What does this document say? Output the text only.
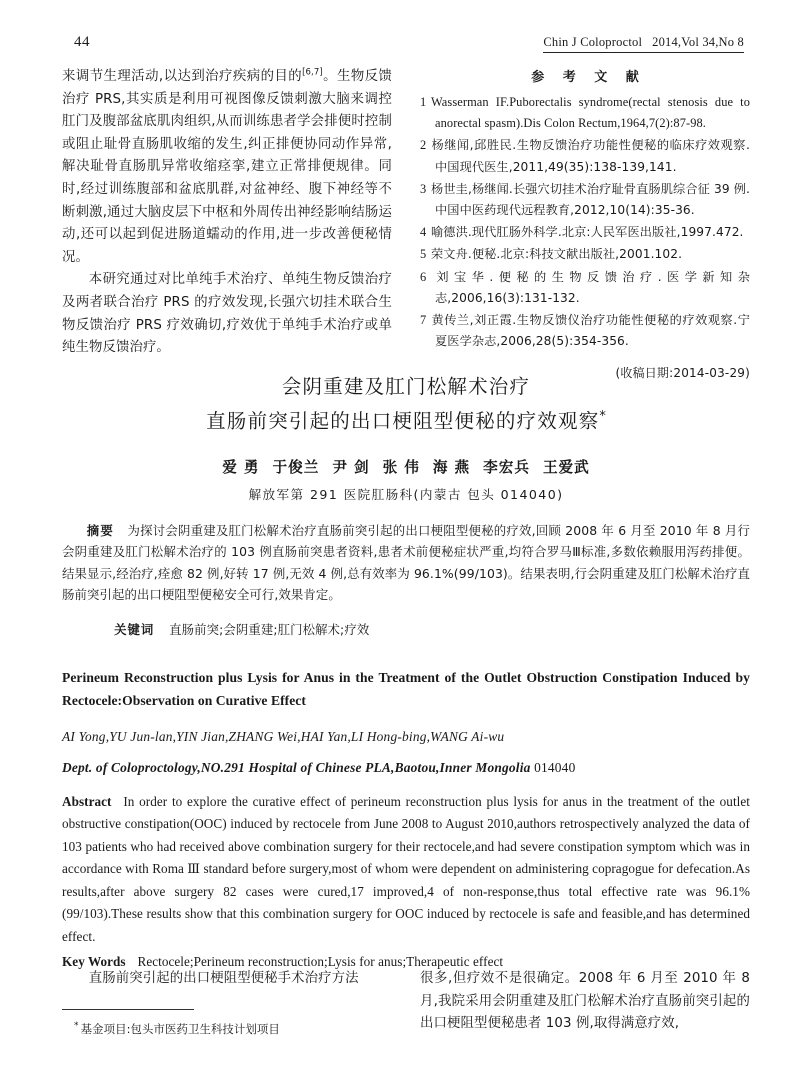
44	Chin J Coloproctol 2014,Vol 34,No 8

来调节生理活动,以达到治疗疾病的目的[6,7]。生物反馈治疗 PRS,其实质是利用可视图像反馈刺激大脑来调控肛门及腹部盆底肌肉组织,从而训练患者学会排便时控制或阻止耻骨直肠肌收缩的发生,纠正排便协同动作异常,解决耻骨直肠肌异常收缩痉挛,建立正常排便规律。同时,经过训练腹部和盆底肌群,对盆神经、腹下神经等不断刺激,通过大脑皮层下中枢和外周传出神经影响结肠运动,还可以起到促进肠道蠕动的作用,进一步改善便秘情况。

本研究通过对比单纯手术治疗、单纯生物反馈治疗及两者联合治疗 PRS 的疗效发现,长强穴切挂术联合生物反馈治疗 PRS 疗效确切,疗效优于单纯手术治疗或单纯生物反馈治疗。

参 考 文 献
1 Wasserman IF.Puborectalis syndrome(rectal stenosis due to anorectal spasm).Dis Colon Rectum,1964,7(2):87-98.
2 杨继闻,邱胜民.生物反馈治疗功能性便秘的临床疗效观察.中国现代医生,2011,49(35):138-139,141.
3 杨世圭,杨继闻.长强穴切挂术治疗耻骨直肠肌综合征 39 例.中国中医药现代远程教育,2012,10(14):35-36.
4 喻德洪.现代肛肠外科学.北京:人民军医出版社,1997.472.
5 荣文舟.便秘.北京:科技文献出版社,2001.102.
6 刘宝华.便秘的生物反馈治疗.医学新知杂志,2006,16(3):131-132.
7 黄传兰,刘正霞.生物反馈仪治疗功能性便秘的疗效观察.宁夏医学杂志,2006,28(5):354-356.
(收稿日期:2014-03-29)
会阴重建及肛门松解术治疗
直肠前突引起的出口梗阻型便秘的疗效观察*
爱 勇 于俊兰 尹 剑 张 伟 海 燕 李宏兵 王爱武
解放军第 291 医院肛肠科(内蒙古 包头 014040)
摘要 为探讨会阴重建及肛门松解术治疗直肠前突引起的出口梗阻型便秘的疗效,回顾 2008 年 6 月至 2010 年 8 月行会阴重建及肛门松解术治疗的 103 例直肠前突患者资料,患者术前便秘症状严重,均符合罗马Ⅲ标准,多数依赖服用泻药排便。结果显示,经治疗,痊愈 82 例,好转 17 例,无效 4 例,总有效率为 96.1%(99/103)。结果表明,行会阴重建及肛门松解术治疗直肠前突引起的出口梗阻型便秘安全可行,效果肯定。
关键词 直肠前突;会阴重建;肛门松解术;疗效
Perineum Reconstruction plus Lysis for Anus in the Treatment of the Outlet Obstruction Constipation Induced by Rectocele:Observation on Curative Effect
AI Yong,YU Jun-lan,YIN Jian,ZHANG Wei,HAI Yan,LI Hong-bing,WANG Ai-wu
Dept. of Coloproctology,NO.291 Hospital of Chinese PLA,Baotou,Inner Mongolia 014040
Abstract In order to explore the curative effect of perineum reconstruction plus lysis for anus in the treatment of the outlet obstructive constipation(OOC) induced by rectocele from June 2008 to August 2010,authors retrospectively analyzed the data of 103 patients who had received above combination surgery for their rectocele,and had severe constipation symptom which was in accordance with Roma Ⅲ standard before surgery,most of whom were dependent on administering copragogue for defecation.As results,after above surgery 82 cases were cured,17 improved,4 of non-response,thus total effective rate was 96.1%(99/103).These results show that this combination surgery for OOC induced by rectocele is safe and feasible,and has determined effect.
Key Words Rectocele;Perineum reconstruction;Lysis for anus;Therapeutic effect

直肠前突引起的出口梗阻型便秘手术治疗方法

* 基金项目:包头市医药卫生科技计划项目

很多,但疗效不是很确定。2008 年 6 月至 2010 年 8 月,我院采用会阴重建及肛门松解术治疗直肠前突引起的出口梗阻型便秘患者 103 例,取得满意疗效,
